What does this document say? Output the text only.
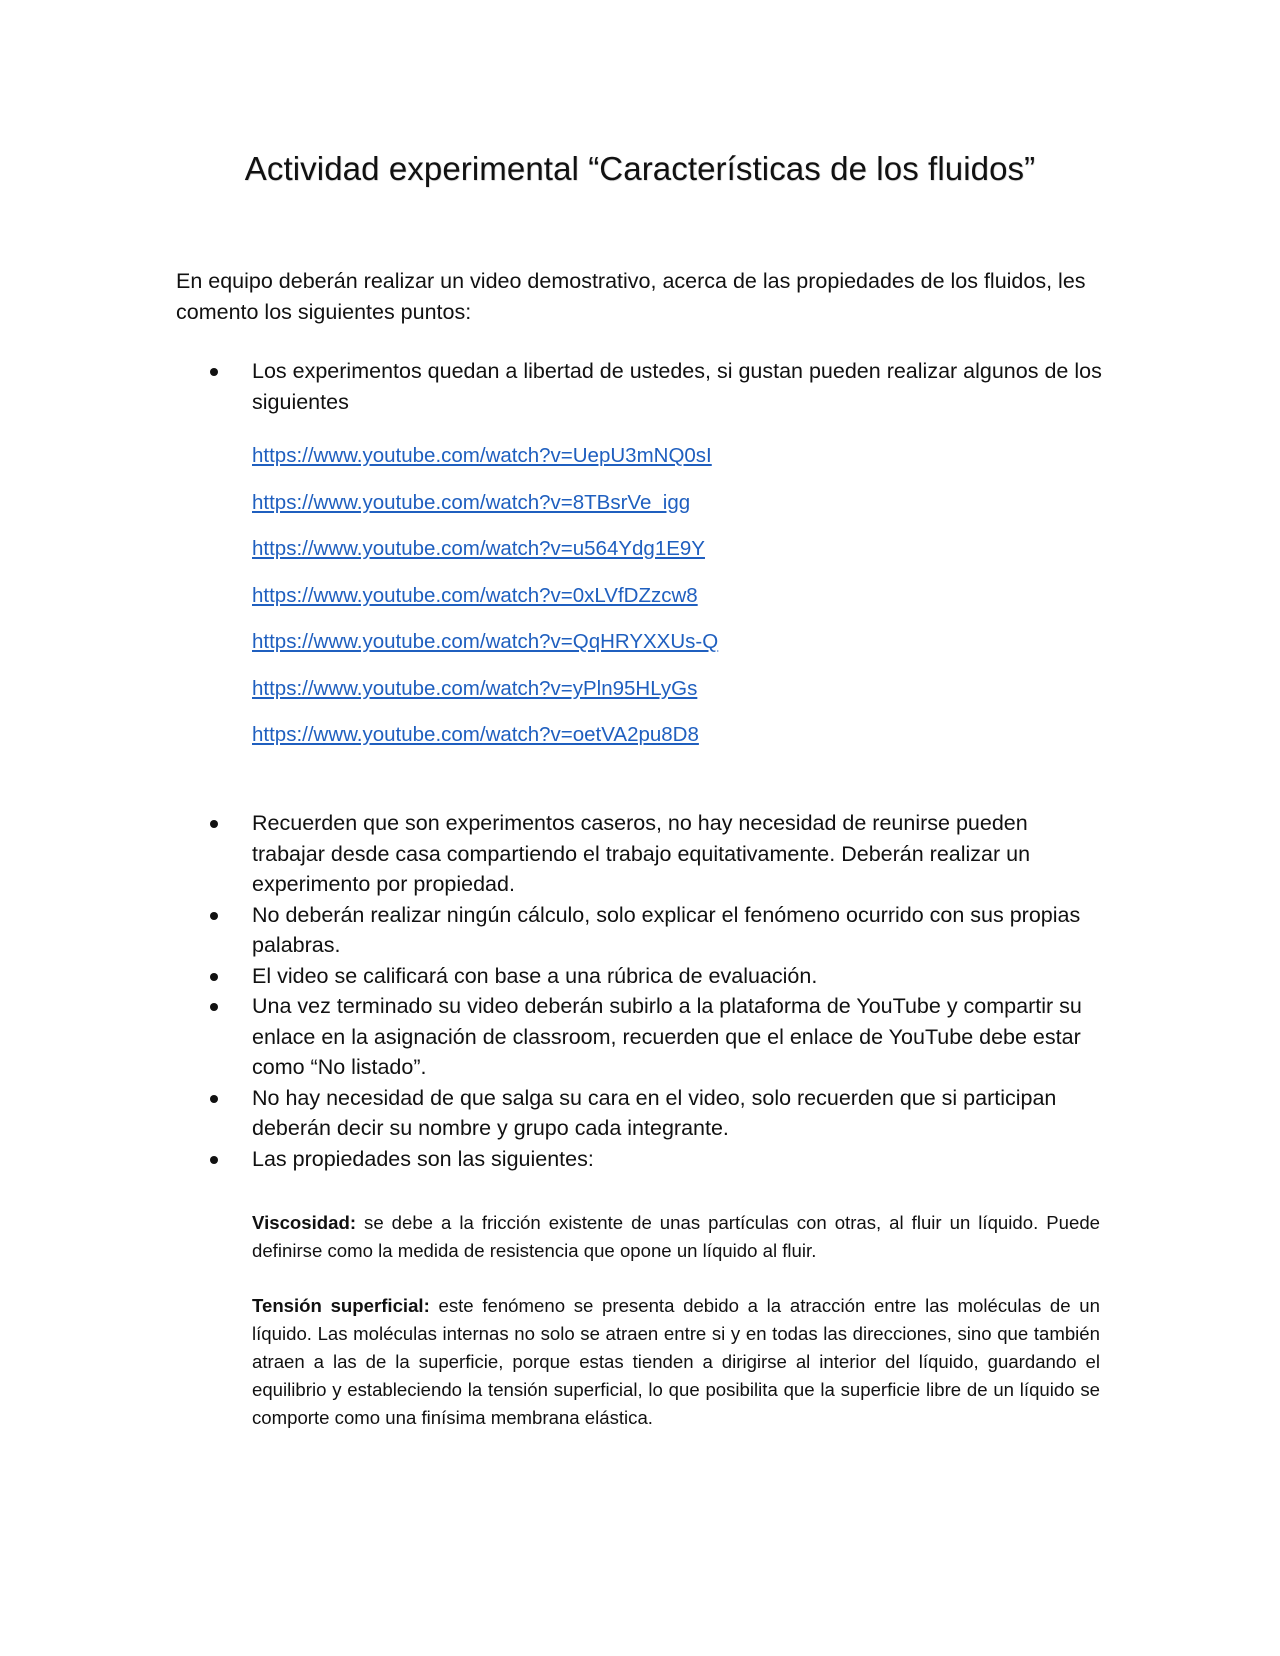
Actividad experimental “Características de los fluidos”

En equipo deberán realizar un video demostrativo, acerca de las propiedades de los fluidos, les comento los siguientes puntos:

Los experimentos quedan a libertad de ustedes, si gustan pueden realizar algunos de los siguientes

https://www.youtube.com/watch?v=UepU3mNQ0sI
https://www.youtube.com/watch?v=8TBsrVe_igg
https://www.youtube.com/watch?v=u564Ydg1E9Y
https://www.youtube.com/watch?v=0xLVfDZzcw8
https://www.youtube.com/watch?v=QqHRYXXUs-Q
https://www.youtube.com/watch?v=yPln95HLyGs
https://www.youtube.com/watch?v=oetVA2pu8D8

Recuerden que son experimentos caseros, no hay necesidad de reunirse pueden trabajar desde casa compartiendo el trabajo equitativamente. Deberán realizar un experimento por propiedad.

No deberán realizar ningún cálculo, solo explicar el fenómeno ocurrido con sus propias palabras.

El video se calificará con base a una rúbrica de evaluación.

Una vez terminado su video deberán subirlo a la plataforma de YouTube y compartir su enlace en la asignación de classroom, recuerden que el enlace de YouTube debe estar como “No listado”.

No hay necesidad de que salga su cara en el video, solo recuerden que si participan deberán decir su nombre y grupo cada integrante.

Las propiedades son las siguientes:

Viscosidad: se debe a la fricción existente de unas partículas con otras, al fluir un líquido. Puede definirse como la medida de resistencia que opone un líquido al fluir.

Tensión superficial: este fenómeno se presenta debido a la atracción entre las moléculas de un líquido. Las moléculas internas no solo se atraen entre si y en todas las direcciones, sino que también atraen a las de la superficie, porque estas tienden a dirigirse al interior del líquido, guardando el equilibrio y estableciendo la tensión superficial, lo que posibilita que la superficie libre de un líquido se comporte como una finísima membrana elástica.
